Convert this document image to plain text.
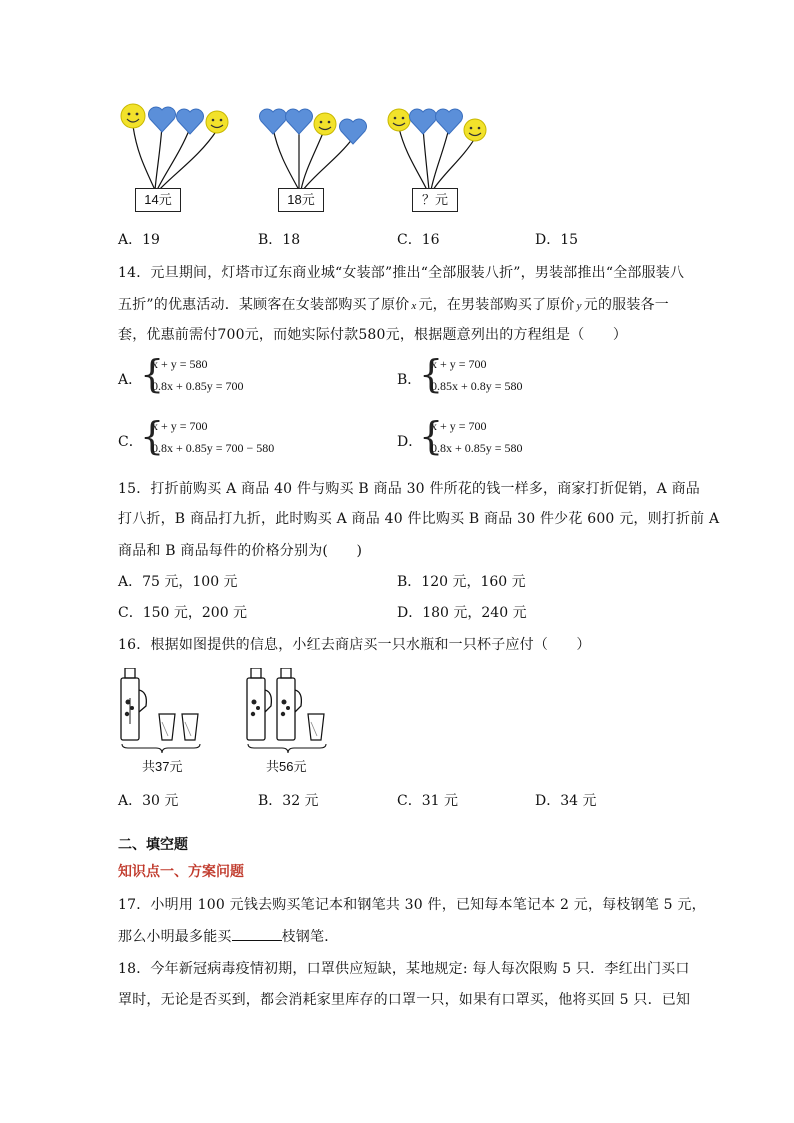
14元	18元	？元
A．19	B．18	C．16	D．15
14．元旦期间，灯塔市辽东商业城“女装部”推出“全部服装八折”，男装部推出“全部服装八
五折”的优惠活动．某顾客在女装部购买了原价 x 元，在男装部购买了原价 y 元的服装各一
套，优惠前需付700元，而她实际付款580元，根据题意列出的方程组是（　　）
A．
{
x + y = 580
0.8x + 0.85y = 700	B．
{
x + y = 700
0.85x + 0.8y = 580
C．
{
x + y = 700
0.8x + 0.85y = 700 − 580	D．
{
x + y = 700
0.8x + 0.85y = 580
15．打折前购买 A 商品 40 件与购买 B 商品 30 件所花的钱一样多，商家打折促销，A 商品
打八折，B 商品打九折，此时购买 A 商品 40 件比购买 B 商品 30 件少花 600 元，则打折前 A
商品和 B 商品每件的价格分别为(　　)
A．75 元，100 元	B．120 元，160 元
C．150 元，200 元	D．180 元，240 元
16．根据如图提供的信息，小红去商店买一只水瓶和一只杯子应付（　　）
共37元	共56元
A．30 元	B．32 元	C．31 元	D．34 元
二、填空题
知识点一、方案问题
17．小明用 100 元钱去购买笔记本和钢笔共 30 件，已知每本笔记本 2 元，每枝钢笔 5 元，
那么小明最多能买	枝钢笔．
18．今年新冠病毒疫情初期，口罩供应短缺，某地规定: 每人每次限购 5 只．李红出门买口
罩时，无论是否买到，都会消耗家里库存的口罩一只，如果有口罩买，他将买回 5 只．已知
